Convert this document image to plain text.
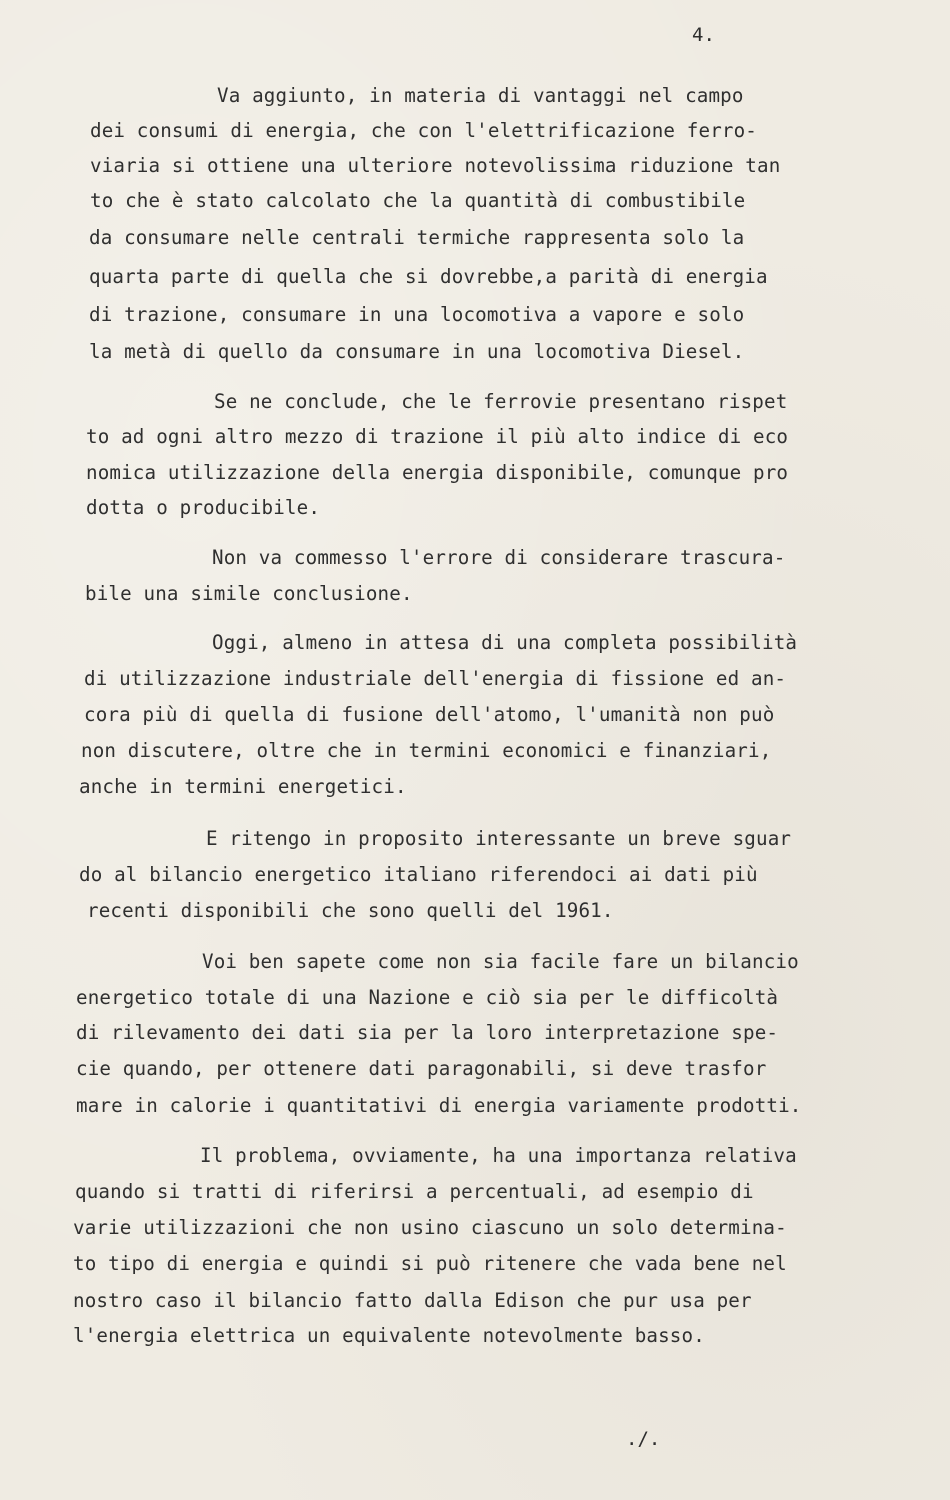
4.
Va aggiunto, in materia di vantaggi nel campo
dei consumi di energia, che con l'elettrificazione ferro-
viaria si ottiene una ulteriore notevolissima riduzione tan
to che è stato calcolato che la quantità di combustibile
da consumare nelle centrali termiche rappresenta solo la
quarta parte di quella che si dovrebbe,a parità di energia
di trazione, consumare in una locomotiva a vapore e solo
la metà di quello da consumare in una locomotiva Diesel.
Se ne conclude, che le ferrovie presentano rispet
to ad ogni altro mezzo di trazione il più alto indice di eco
nomica utilizzazione della energia disponibile, comunque pro
dotta o producibile.
Non va commesso l'errore di considerare trascura-
bile una simile conclusione.
Oggi, almeno in attesa di una completa possibilità
di utilizzazione industriale dell'energia di fissione ed an-
cora più di quella di fusione dell'atomo, l'umanità non può
non discutere, oltre che in termini economici e finanziari,
anche in termini energetici.
E ritengo in proposito interessante un breve sguar
do al bilancio energetico italiano riferendoci ai dati più
recenti disponibili che sono quelli del 1961.
Voi ben sapete come non sia facile fare un bilancio
energetico totale di una Nazione e ciò sia per le difficoltà
di rilevamento dei dati sia per la loro interpretazione spe-
cie quando, per ottenere dati paragonabili, si deve trasfor
mare in calorie i quantitativi di energia variamente prodotti.
Il problema, ovviamente, ha una importanza relativa
quando si tratti di riferirsi a percentuali, ad esempio di
varie utilizzazioni che non usino ciascuno un solo determina-
to tipo di energia e quindi si può ritenere che vada bene nel
nostro caso il bilancio fatto dalla Edison che pur usa per
l'energia elettrica un equivalente notevolmente basso.
./.
